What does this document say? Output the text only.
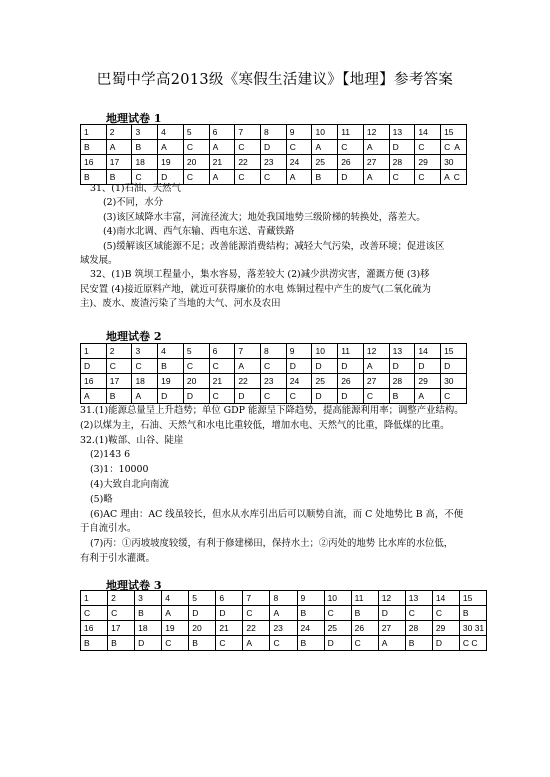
巴蜀中学高2013级《寒假生活建议》【地理】参考答案
地理试卷 1
1	2	3	4	5	6	7	8	9	10	11	12	13	14	15
B	A	B	A	C	A	C	D	C	A	C	A	D	C	C A
16	17	18	19	20	21	22	23	24	25	26	27	28	29	30
B	B	C	D	C	A	C	C	A	B	D	A	C	C	A C
31、(1)石油、天然气
(2)不同，水分
(3)该区域降水丰富，河流径流大；地处我国地势三级阶梯的转换处，落差大。
(4)南水北调、西气东输、西电东送、青藏铁路
(5)缓解该区域能源不足；改善能源消费结构；减轻大气污染，改善环境；促进该区
域发展。
32、(1)B 筑坝工程量小，集水容易，落差较大 (2)减少洪涝灾害，灌溉方便 (3)移
民安置 (4)接近原料产地，就近可获得廉价的水电 炼铜过程中产生的废气(二氧化硫为
主)、废水、废渣污染了当地的大气、河水及农田
地理试卷 2
1	2	3	4	5	6	7	8	9	10	11	12	13	14	15
D	C	C	B	C	C	A	C	D	D	D	A	D	D	D
16	17	18	19	20	21	22	23	24	25	26	27	28	29	30
A	B	A	D	D	C	D	C	C	D	D	C	B	A	C
31.(1)能源总量呈上升趋势；单位 GDP 能源呈下降趋势，提高能源利用率；调整产业结构。
(2)以煤为主，石油、天然气和水电比重较低，增加水电、天然气的比重，降低煤的比重。
32.(1)鞍部、山谷、陡崖
(2)143 6
(3)1：10000
(4)大致自北向南流
(5)略
(6)AC 理由：AC 线虽较长，但水从水库引出后可以顺势自流，而 C 处地势比 B 高，不便
于自流引水。
(7)丙：①丙坡坡度较缓，有利于修建梯田，保持水土；②丙处的地势 比水库的水位低，
有利于引水灌溉。
地理试卷 3
1	2	3	4	5	6	7	8	9	10	11	12	13	14	15
C	C	B	A	D	D	C	A	B	C	B	D	C	C	B
16	17	18	19	20	21	22	23	24	25	26	27	28	29	30 31
B	B	D	C	B	C	A	C	B	D	C	A	B	D	C C
